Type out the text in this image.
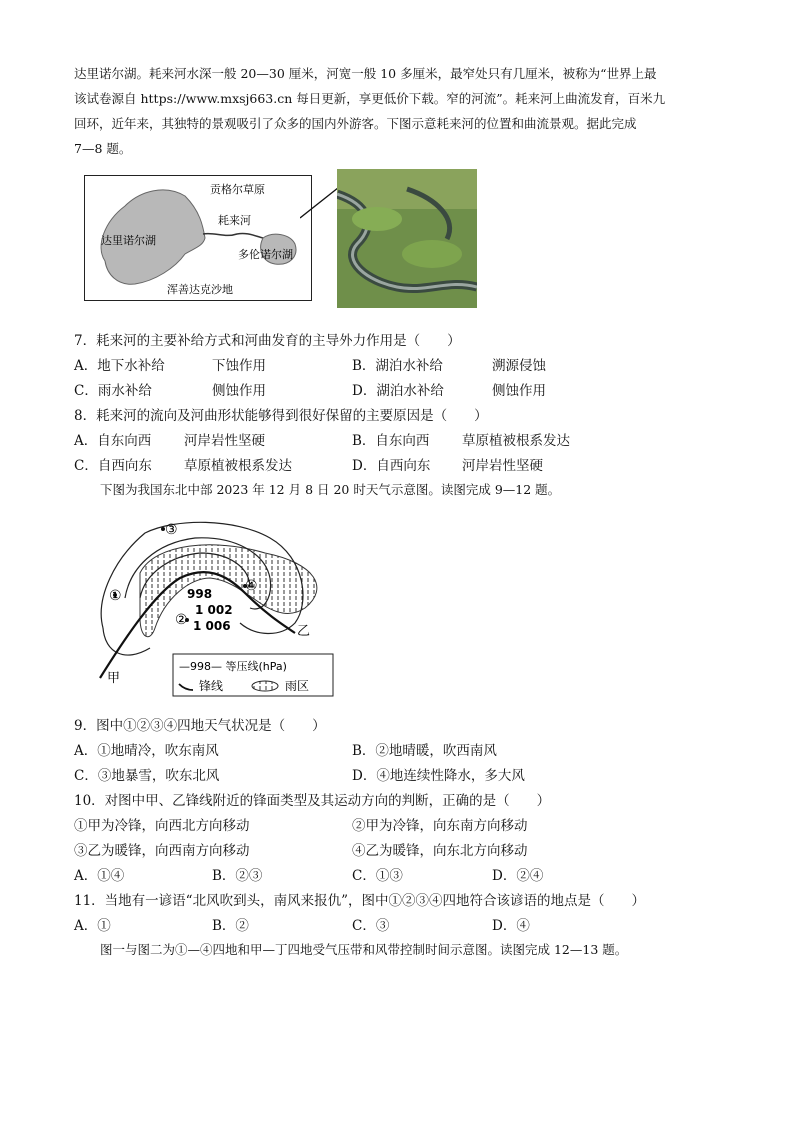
达里诺尔湖。耗来河水深一般 20—30 厘米，河宽一般 10 多厘米，最窄处只有几厘米，被称为“世界上最
该试卷源自 https://www.mxsj663.cn 每日更新，享更低价下载。窄的河流”。耗来河上曲流发育，百米九
回环，近年来，其独特的景观吸引了众多的国内外游客。下图示意耗来河的位置和曲流景观。据此完成
7—8 题。
贡格尔草原
耗来河
达里诺尔湖
多伦诺尔湖
浑善达克沙地
7．耗来河的主要补给方式和河曲发育的主导外力作用是（　　）
A．地下水补给	下蚀作用	B．湖泊水补给	溯源侵蚀
C．雨水补给	侧蚀作用	D．湖泊水补给	侧蚀作用
8．耗来河的流向及河曲形状能够得到很好保留的主要原因是（　　）
A．自东向西 河岸岩性坚硬	B．自东向西 草原植被根系发达
C．自西向东 草原植被根系发达	D．自西向东 河岸岩性坚硬
下图为我国东北中部 2023 年 12 月 8 日 20 时天气示意图。读图完成 9—12 题。
①
②
③
④
998
1 002
1 006
甲
乙
—998— 等压线(hPa)
锋线	雨区
9．图中①②③④四地天气状况是（　　）
A．①地晴冷，吹东南风	B．②地晴暖，吹西南风
C．③地暴雪，吹东北风	D．④地连续性降水，多大风
10．对图中甲、乙锋线附近的锋面类型及其运动方向的判断，正确的是（　　）
①甲为冷锋，向西北方向移动	②甲为冷锋，向东南方向移动
③乙为暖锋，向西南方向移动	④乙为暖锋，向东北方向移动
A．①④	B．②③	C．①③	D．②④
11．当地有一谚语“北风吹到头，南风来报仇”，图中①②③④四地符合该谚语的地点是（　　）
A．①	B．②	C．③	D．④
图一与图二为①—④四地和甲—丁四地受气压带和风带控制时间示意图。读图完成 12—13 题。
